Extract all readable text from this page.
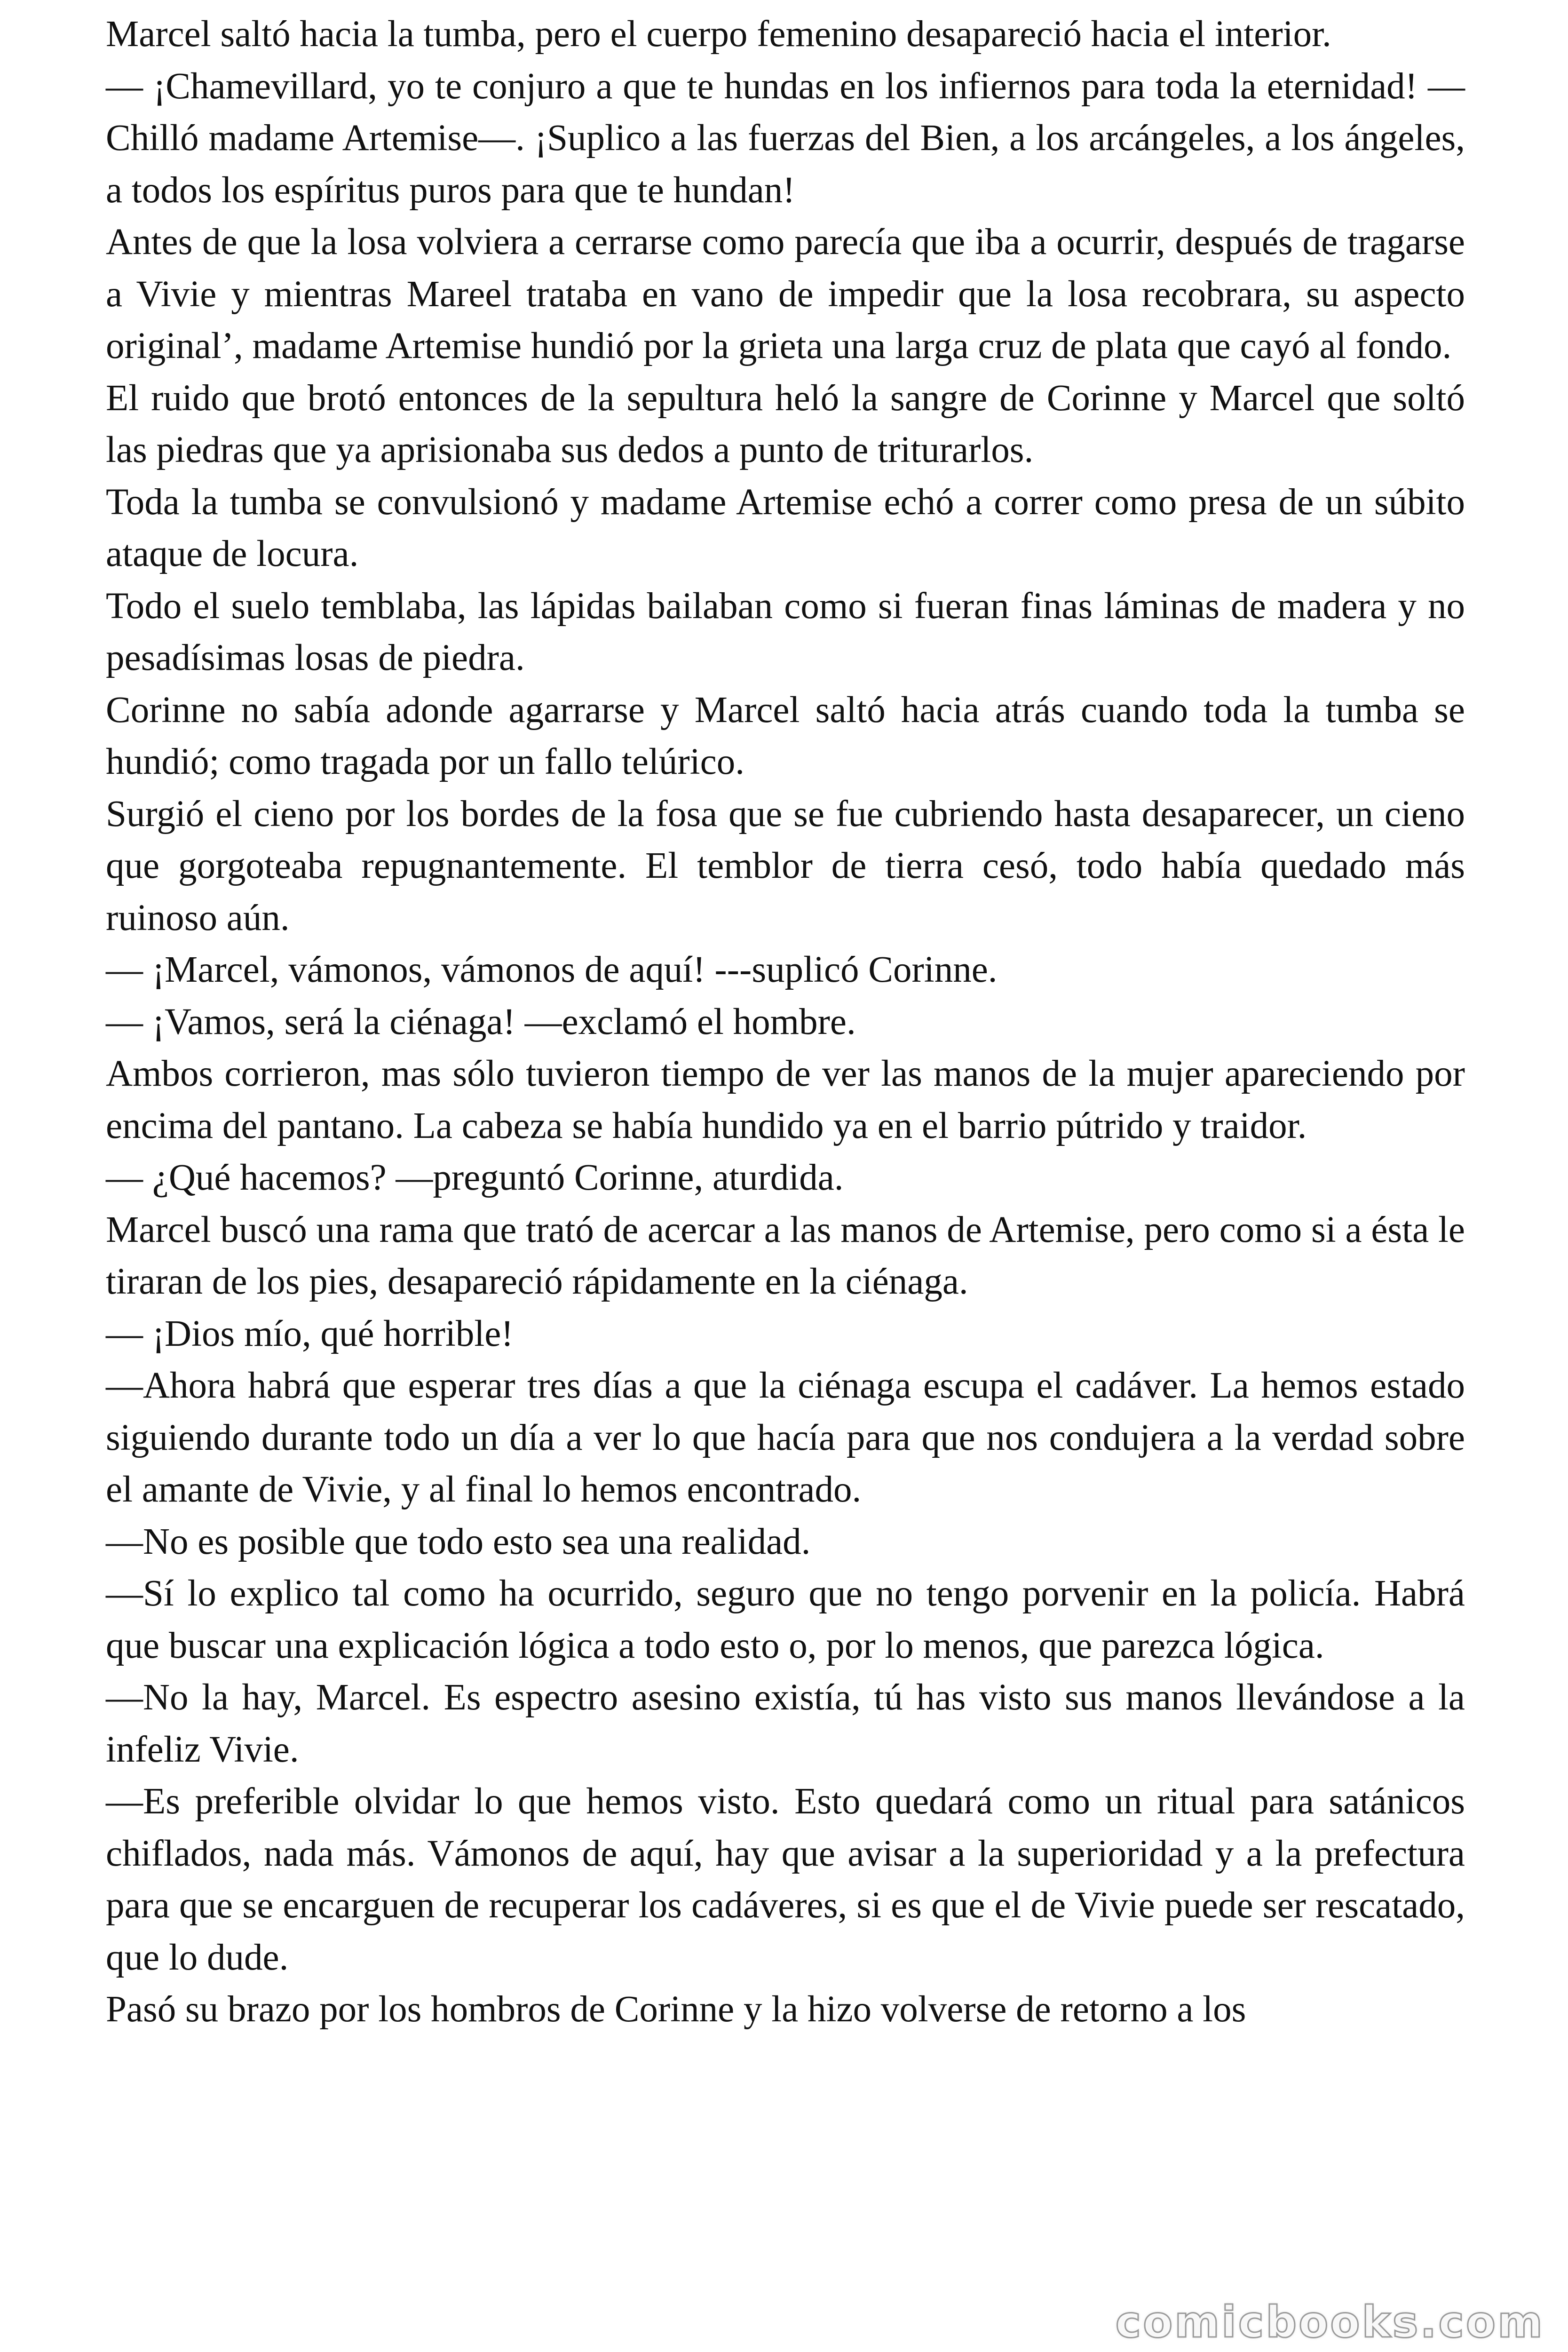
Marcel saltó hacia la tumba, pero el cuerpo femenino desapareció hacia el interior.

— ¡Chamevillard, yo te conjuro a que te hundas en los infiernos para toda la eternidad! —Chilló madame Artemise—. ¡Suplico a las fuerzas del Bien, a los arcángeles, a los ángeles, a todos los espíritus puros para que te hundan!

Antes de que la losa volviera a cerrarse como parecía que iba a ocurrir, después de tragarse a Vivie y mientras Mareel trataba en vano de impedir que la losa recobrara, su aspecto original’, madame Artemise hundió por la grieta una larga cruz de plata que cayó al fondo.

El ruido que brotó entonces de la sepultura heló la sangre de Corinne y Marcel que soltó las piedras que ya aprisionaba sus dedos a punto de triturarlos.

Toda la tumba se convulsionó y madame Artemise echó a correr como presa de un súbito ataque de locura.

Todo el suelo temblaba, las lápidas bailaban como si fueran finas láminas de madera y no pesadísimas losas de piedra.

Corinne no sabía adonde agarrarse y Marcel saltó hacia atrás cuando toda la tumba se hundió; como tragada por un fallo telúrico.

Surgió el cieno por los bordes de la fosa que se fue cubriendo hasta desaparecer, un cieno que gorgoteaba repugnantemente. El temblor de tierra cesó, todo había quedado más ruinoso aún.

— ¡Marcel, vámonos, vámonos de aquí! ---suplicó Corinne.

— ¡Vamos, será la ciénaga! —exclamó el hombre.

Ambos corrieron, mas sólo tuvieron tiempo de ver las manos de la mujer apareciendo por encima del pantano. La cabeza se había hundido ya en el barrio pútrido y traidor.

— ¿Qué hacemos? —preguntó Corinne, aturdida.

Marcel buscó una rama que trató de acercar a las manos de Artemise, pero como si a ésta le tiraran de los pies, desapareció rápidamente en la ciénaga.

— ¡Dios mío, qué horrible!

—Ahora habrá que esperar tres días a que la ciénaga escupa el cadáver. La hemos estado siguiendo durante todo un día a ver lo que hacía para que nos condujera a la verdad sobre el amante de Vivie, y al final lo hemos encontrado.

—No es posible que todo esto sea una realidad.

—Sí lo explico tal como ha ocurrido, seguro que no tengo porvenir en la policía. Habrá que buscar una explicación lógica a todo esto o, por lo menos, que parezca lógica.

—No la hay, Marcel. Es espectro asesino existía, tú has visto sus manos llevándose a la infeliz Vivie.

—Es preferible olvidar lo que hemos visto. Esto quedará como un ritual para satánicos chiflados, nada más. Vámonos de aquí, hay que avisar a la superioridad y a la prefectura para que se encarguen de recuperar los cadáveres, si es que el de Vivie puede ser rescatado, que lo dude.

Pasó su brazo por los hombros de Corinne y la hizo volverse de retorno a los

comicbooks.com
